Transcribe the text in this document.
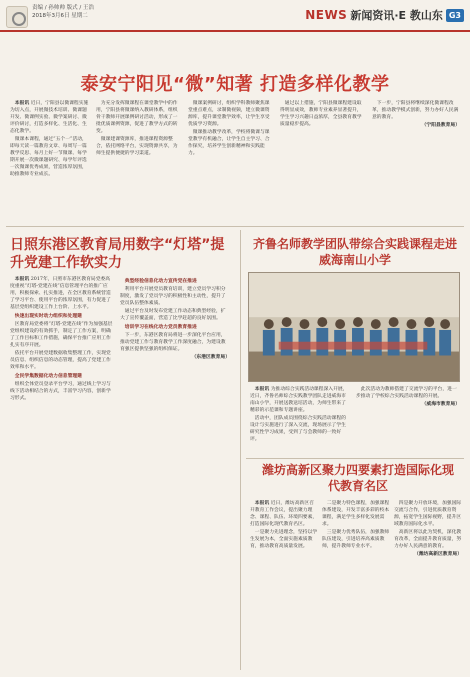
责编 / 孙帅帅 版式 / 王浩
2018年3月6日 星期二	NEWS 新闻资讯·E 教山东 G3
泰安宁阳见“微”知著 打造多样化教学

本报讯 近日，宁阳县以微课程实施为切入点，开展微技术培训、微课题开发、微课例实验、微学案研讨、微评价研讨，打造多样化、生活化、生态化教学。

微课本课程，通过“五个一”活动，即每天读一篇教育文章、每周写一篇教学反思、每月上好一节微课、每学期开展一次微课题研究、每学年评选一次微课优秀成果，营造浓厚氛围，助推教师专业成长。

为充分发挥微课程在课堂教学中的作用，宁阳县将微课纳入教研体系，组织骨干教师开展课例研讨活动，形成了一批优质课例资源，促进了教学方式的转变。

微课建课资源库，推进课程资源整合，依托网络平台，实现资源共享，为师生提供便捷的学习渠道。

微课案例研讨，组织学科教师聚焦课堂重点难点，录制微视频，建立微课资源库，提升课堂教学效率，让学生享受优质学习资源。

微课推动教学改革，学校将微课与课堂教学有机融合，让学生自主学习、合作探究，培养学生创新精神和实践能力。

通过以上措施，宁阳县微课程建设取得明显成效，教师专业素养显著提升，学生学习兴趣日益浓厚，全县教育教学质量稳步提高。

下一步，宁阳县将继续深化微课程改革，推动教学模式创新，努力办好人民满意的教育。

（宁阳县教育局）

日照东港区教育局用数字“灯塔”提升党建工作软实力

本报讯 2017年，日照市东港区教育局党委高度重视“灯塔-党建在线”信息管理平台的推广应用，积极探索、扎实推进，在全区教育系统营造了学习平台、使用平台的浓厚氛围，有力促进了基层党组织建设工作上台阶、上水平。

快速出现实时动力组织和处理建

区教育局党委将“灯塔-党建在线”作为加强基层党组织建设的有效抓手，制定了工作方案，明确了工作目标和工作措施，确保平台推广应用工作扎实有序开展。

依托平台开展党建数据收集整理工作，实现党员信息、组织信息的动态管理，提高了党建工作效率和水平。

全民学集数据化动力信息管理建

组织全体党员登录平台学习，通过线上学习与线下活动相结合的方式，丰富学习内容，创新学习形式。

典型经验信息化动力宣传党在推进

利用平台开展党员教育培训，建立党员学习积分制度，激发了党员学习的积极性和主动性，提升了党员队伍整体素质。

通过平台及时发布党建工作动态和典型经验，扩大了宣传覆盖面，营造了比学赶超的良好氛围。

培训学习在线化动力党员教育推进

下一步，东港区教育局将进一步深化平台应用，推动党建工作与教育教学工作深度融合，为建设教育强区提供坚强的组织保证。

（东港区教育局）

齐鲁名师教学团队带综合实践课程走进威海南山小学

本报讯 为推动综合实践活动课程深入开展，近日，齐鲁名师综合实践教学团队走进威海市南山小学，开展送教送培活动，为师生带来了精彩的示范课和专题讲座。

活动中，团队成员围绕综合实践活动课程的设计与实施进行了深入交流，现场展示了学生研究性学习成果，受到了与会教师的一致好评。

此次活动为教师搭建了交流学习的平台，进一步推动了学校综合实践活动课程的开展。

（威海市教育局）

潍坊高新区聚力四要素打造国际化现代教育名区

本报讯 近日，潍坊高新区召开教育工作会议，提出聚力理念、课程、队伍、环境四要素，打造国际化现代教育名区。

一是聚力先进理念，坚持以学生发展为本，全面实施素质教育，推动教育高质量发展。

二是聚力特色课程，加强课程体系建设，开发丰富多彩的校本课程，满足学生多样化发展需求。

三是聚力优秀队伍，加强教师队伍建设，引进培养高素质教师，提升教师专业水平。

四是聚力开放环境，加强国际交流与合作，引进优质教育资源，拓宽学生国际视野，提升区域教育国际化水平。

高新区将以此为契机，深化教育改革，全面提升教育质量，努力办好人民满意的教育。

（潍坊高新区教育局）
